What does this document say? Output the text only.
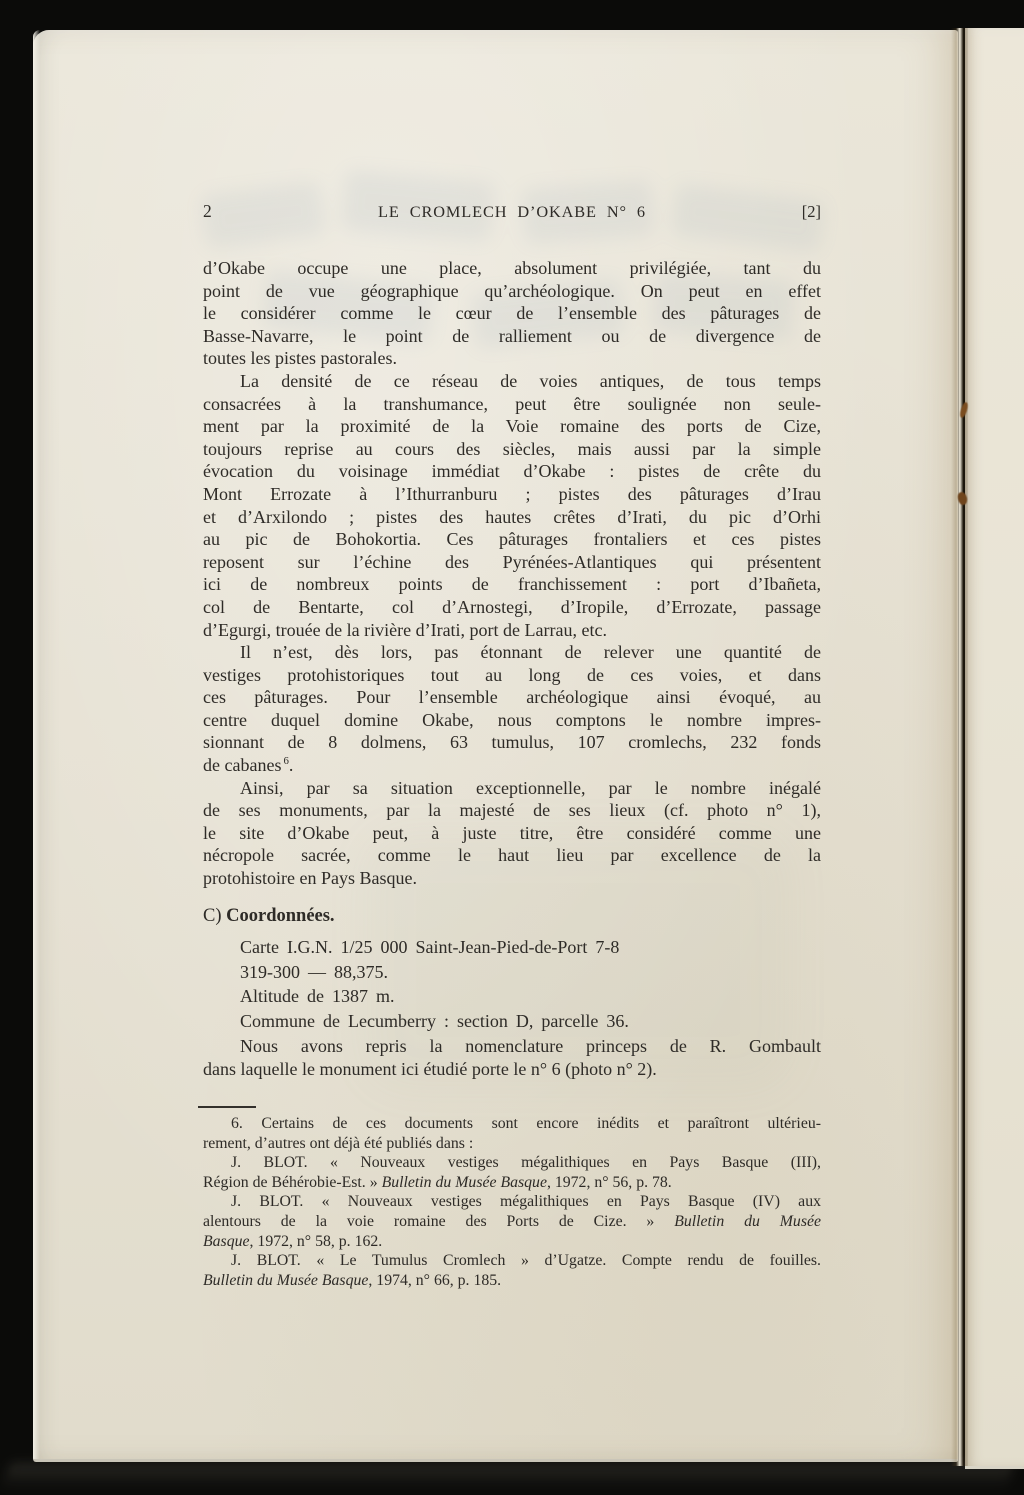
2	LE CROMLECH D’OKABE N° 6	[2]
d’Okabe occupe une place, absolument privilégiée, tant du
point de vue géographique qu’archéologique. On peut en effet
le considérer comme le cœur de l’ensemble des pâturages de
Basse-Navarre, le point de ralliement ou de divergence de
toutes les pistes pastorales.
La densité de ce réseau de voies antiques, de tous temps
consacrées à la transhumance, peut être soulignée non seule-
ment par la proximité de la Voie romaine des ports de Cize,
toujours reprise au cours des siècles, mais aussi par la simple
évocation du voisinage immédiat d’Okabe : pistes de crête du
Mont Errozate à l’Ithurranburu ; pistes des pâturages d’Irau
et d’Arxilondo ; pistes des hautes crêtes d’Irati, du pic d’Orhi
au pic de Bohokortia. Ces pâturages frontaliers et ces pistes
reposent sur l’échine des Pyrénées-Atlantiques qui présentent
ici de nombreux points de franchissement : port d’Ibañeta,
col de Bentarte, col d’Arnostegi, d’Iropile, d’Errozate, passage
d’Egurgi, trouée de la rivière d’Irati, port de Larrau, etc.
Il n’est, dès lors, pas étonnant de relever une quantité de
vestiges protohistoriques tout au long de ces voies, et dans
ces pâturages. Pour l’ensemble archéologique ainsi évoqué, au
centre duquel domine Okabe, nous comptons le nombre impres-
sionnant de 8 dolmens, 63 tumulus, 107 cromlechs, 232 fonds
de cabanes $^6$.
Ainsi, par sa situation exceptionnelle, par le nombre inégalé
de ses monuments, par la majesté de ses lieux (cf. photo n° 1),
le site d’Okabe peut, à juste titre, être considéré comme une
nécropole sacrée, comme le haut lieu par excellence de la
protohistoire en Pays Basque.
C) Coordonnées.
Carte I.G.N. 1/25 000 Saint-Jean-Pied-de-Port 7-8
319-300 — 88,375.
Altitude de 1387 m.
Commune de Lecumberry : section D, parcelle 36.
Nous avons repris la nomenclature princeps de R. Gombault
dans laquelle le monument ici étudié porte le n° 6 (photo n° 2).
6. Certains de ces documents sont encore inédits et paraîtront ultérieu-
rement, d’autres ont déjà été publiés dans :
J. BLOT. « Nouveaux vestiges mégalithiques en Pays Basque (III),
Région de Béhérobie-Est. » Bulletin du Musée Basque, 1972, n° 56, p. 78.
J. BLOT. « Nouveaux vestiges mégalithiques en Pays Basque (IV) aux
alentours de la voie romaine des Ports de Cize. » Bulletin du Musée
Basque, 1972, n° 58, p. 162.
J. BLOT. « Le Tumulus Cromlech » d’Ugatze. Compte rendu de fouilles.
Bulletin du Musée Basque, 1974, n° 66, p. 185.
